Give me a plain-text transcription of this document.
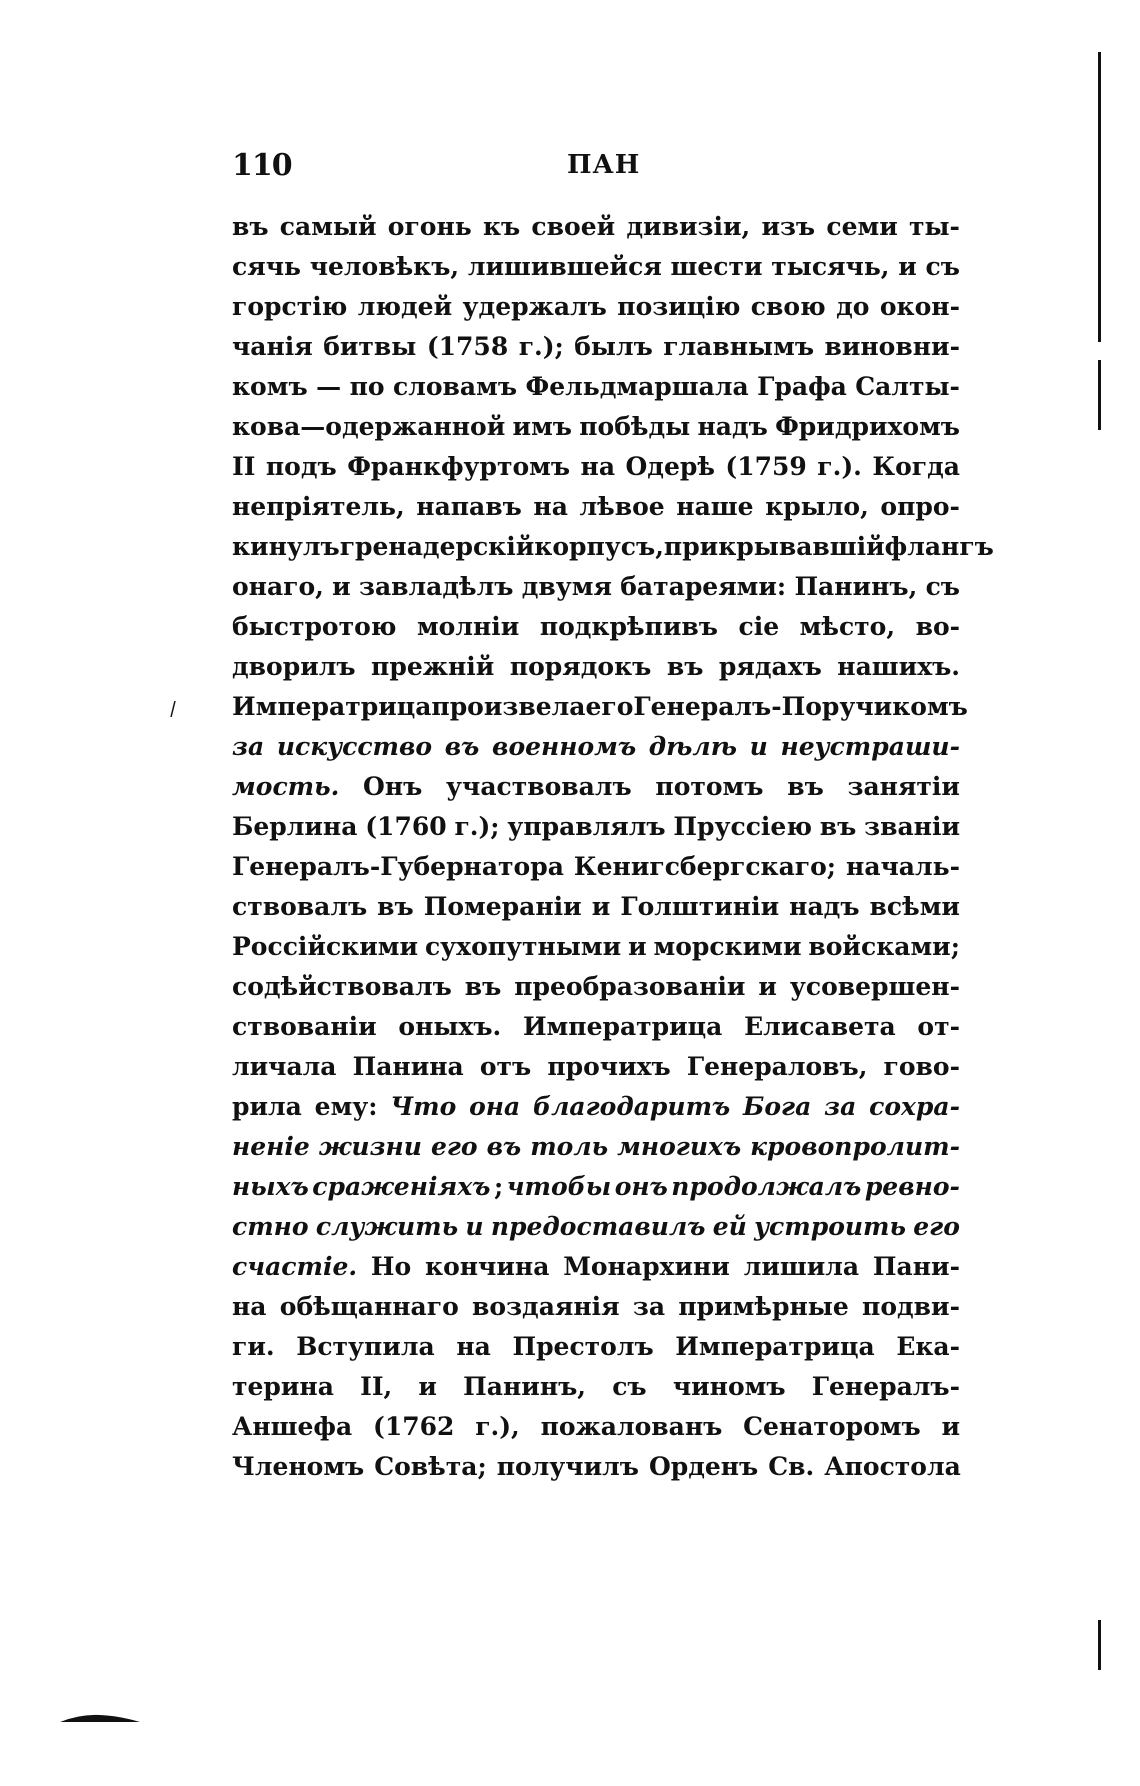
110	ПАН
въ самый огонь къ своей дивизіи, изъ семи ты-
сячь человѣкъ, лишившейся шести тысячь, и съ
горстію людей удержалъ позицію свою до окон-
чанія битвы (1758 г.); былъ главнымъ виновни-
комъ — по словамъ Фельдмаршала Графа Салты-
кова—одержанной имъ побѣды надъ Фридрихомъ
II подъ Франкфуртомъ на Одерѣ (1759 г.). Когда
непріятель, напавъ на лѣвое наше крыло, опро-
кинулъ гренадерскій корпусъ, прикрывавшій флангъ
онаго, и завладѣлъ двумя батареями: Панинъ, съ
быстротою молніи подкрѣпивъ сіе мѣсто, во-
дворилъ прежній порядокъ въ рядахъ нашихъ.
Императрица произвела его Генералъ-Поручикомъ
за искусство въ военномъ дѣлѣ и неустраши-
мость. Онъ участвовалъ потомъ въ занятіи
Берлина (1760 г.); управлялъ Пруссіею въ званіи
Генералъ-Губернатора Кенигсбергскаго; началь-
ствовалъ въ Помераніи и Голштиніи надъ всѣми
Россійскими сухопутными и морскими войсками;
содѣйствовалъ въ преобразованіи и усовершен-
ствованіи оныхъ. Императрица Елисавета от-
личала Панина отъ прочихъ Генераловъ, гово-
рила ему: Что она благодаритъ Бога за сохра-
неніе жизни его въ толь многихъ кровопролит-
ныхъ сраженіяхъ ; чтобы онъ продолжалъ ревно-
стно служить и предоставилъ ей устроить его
счастіе. Но кончина Монархини лишила Пани-
на обѣщаннаго воздаянія за примѣрные подви-
ги. Вступила на Престолъ Императрица Ека-
терина II, и Панинъ, съ чиномъ Генералъ-
Аншефа (1762 г.), пожалованъ Сенаторомъ и
Членомъ Совѣта; получилъ Орденъ Св. Апостола
